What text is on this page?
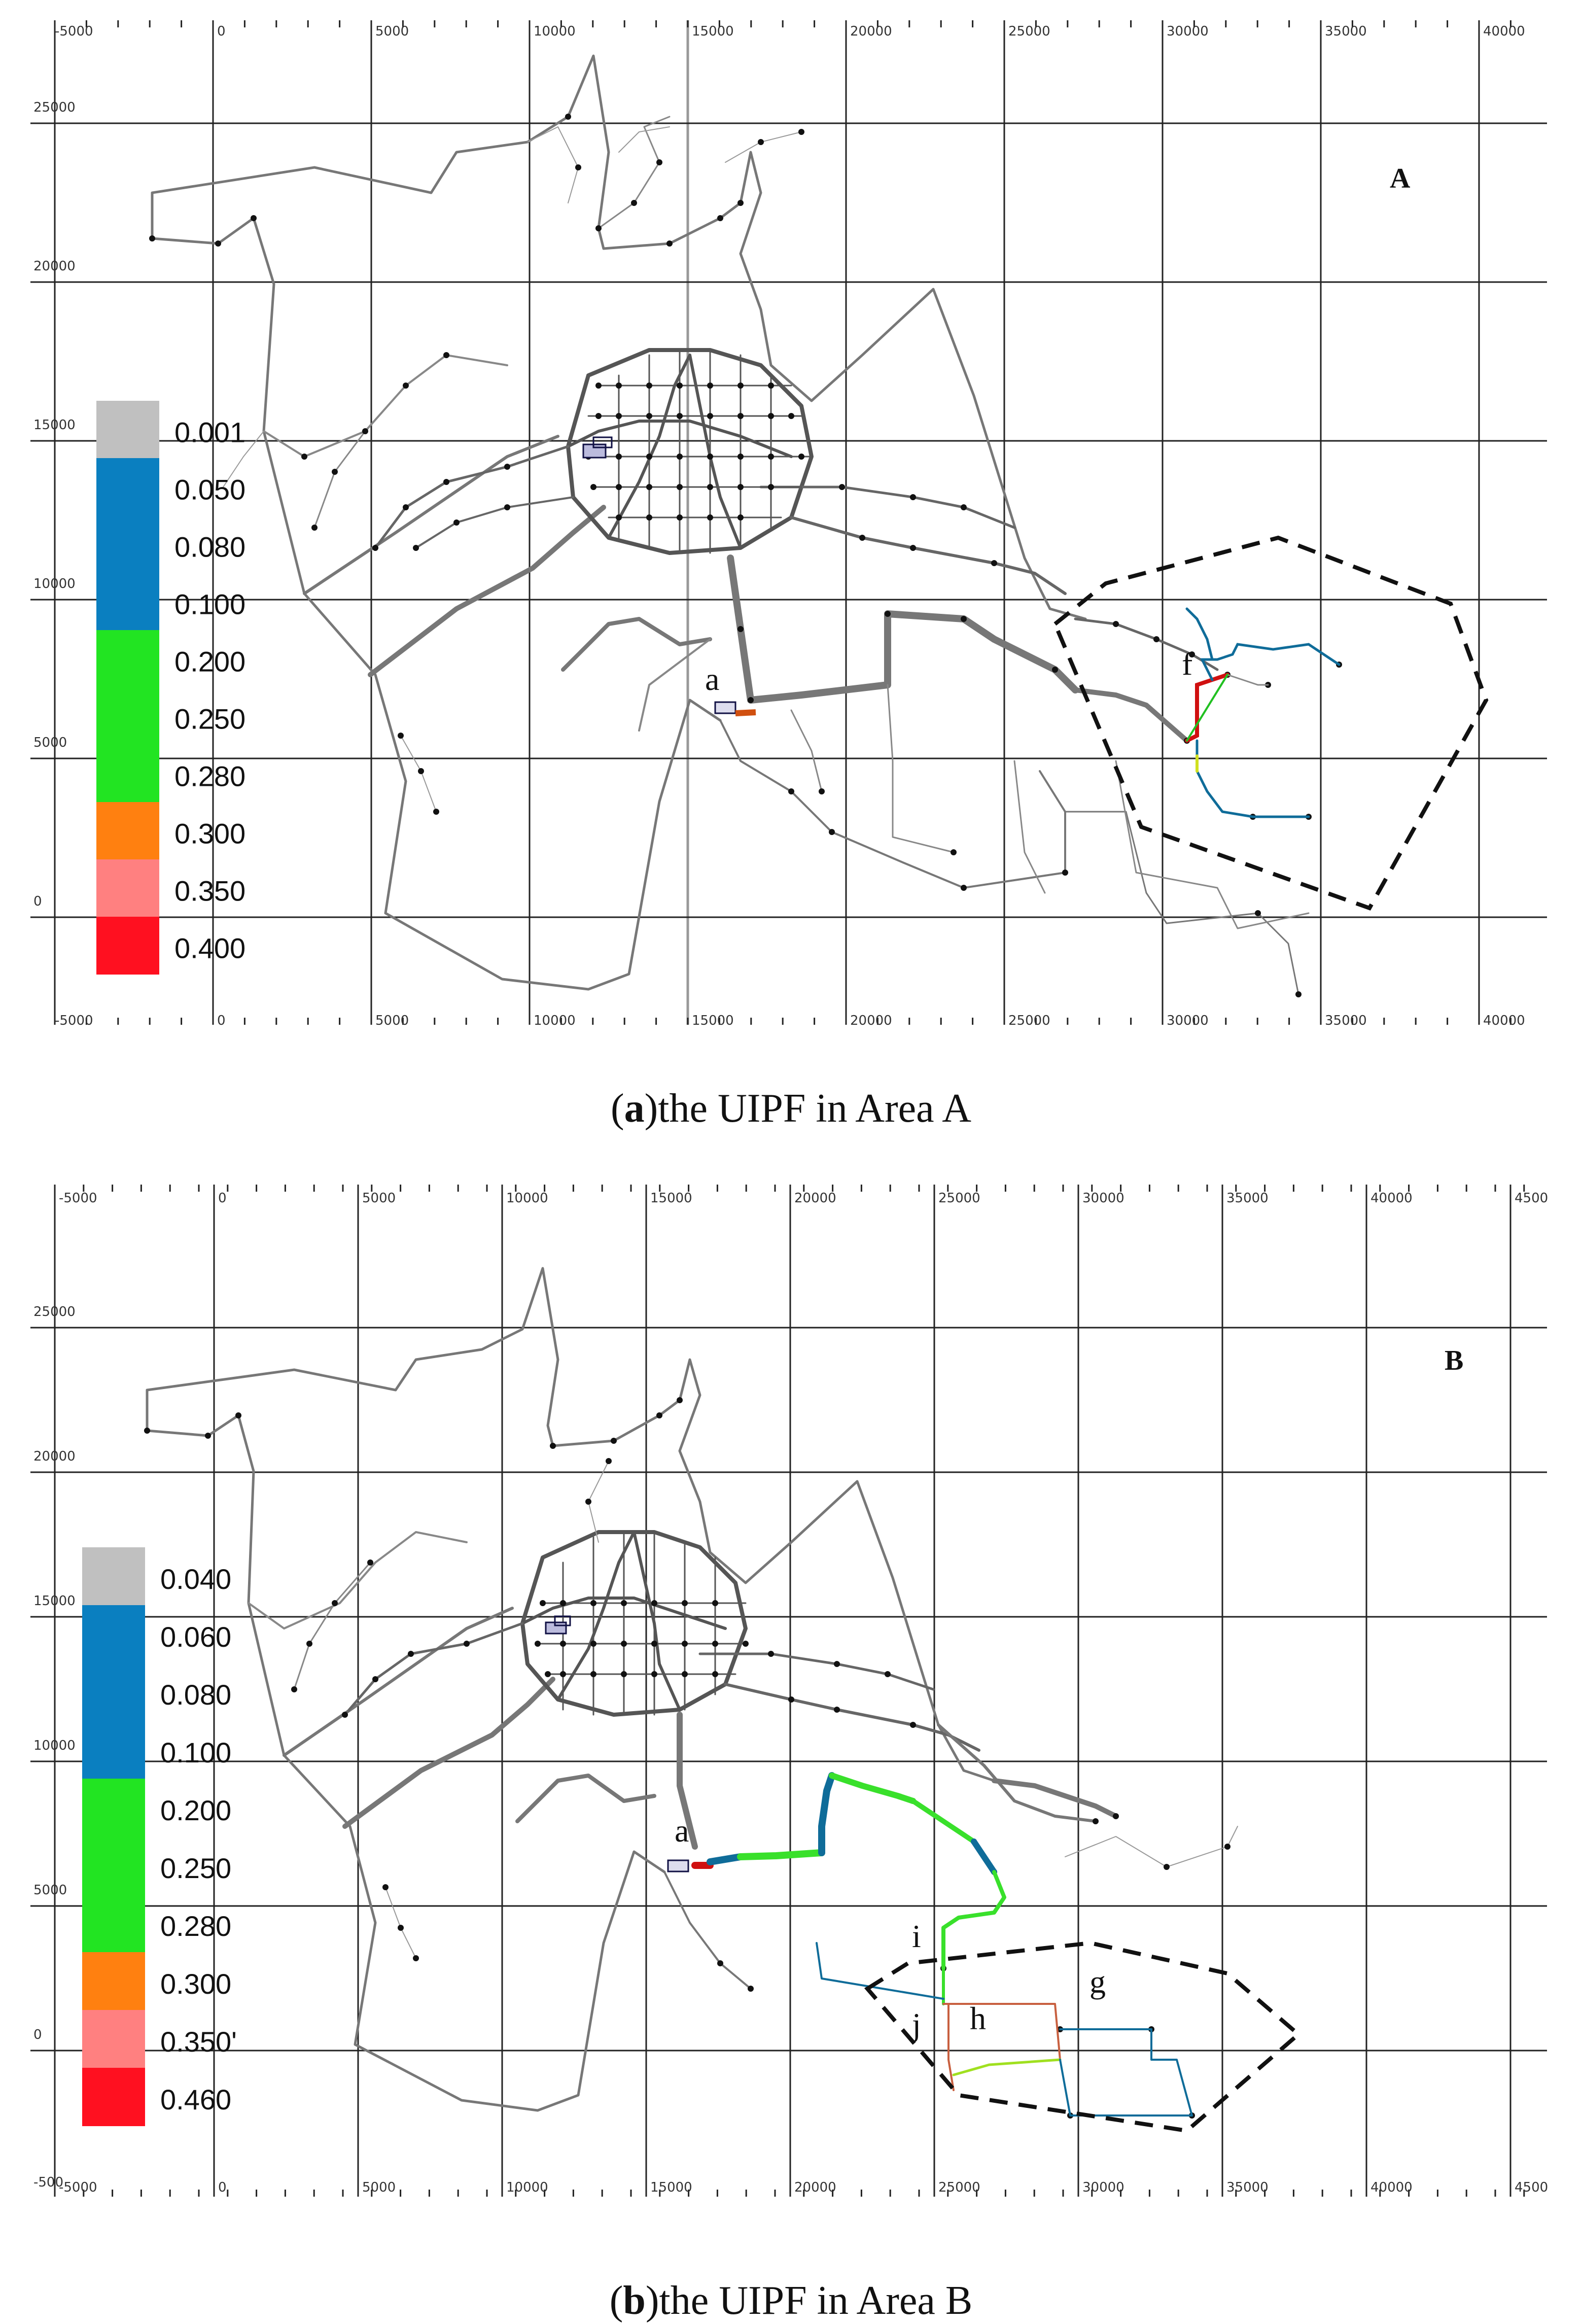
0.001
0.050
0.080
0.100
0.200
0.250
0.280
0.300
0.350
0.400
A
a	f
-5000
-5000
0
0
5000
5000
10000
10000
15000
15000
20000
20000
25000
25000
30000
30000
35000
35000
40000
40000
25000
20000
15000
10000
5000
0
0.040
0.060
0.080
0.100
0.200
0.250
0.280
0.300
0.350'
0.460
B
a
i
g
j h
-5000
-5000
0
0
5000
5000
10000
10000
15000
15000
20000
20000
25000
25000
30000
30000
35000
35000
40000
40000
4500
4500
25000
20000
15000
10000
5000
0
-500
(a)the UIPF in Area A
(b)the UIPF in Area B
